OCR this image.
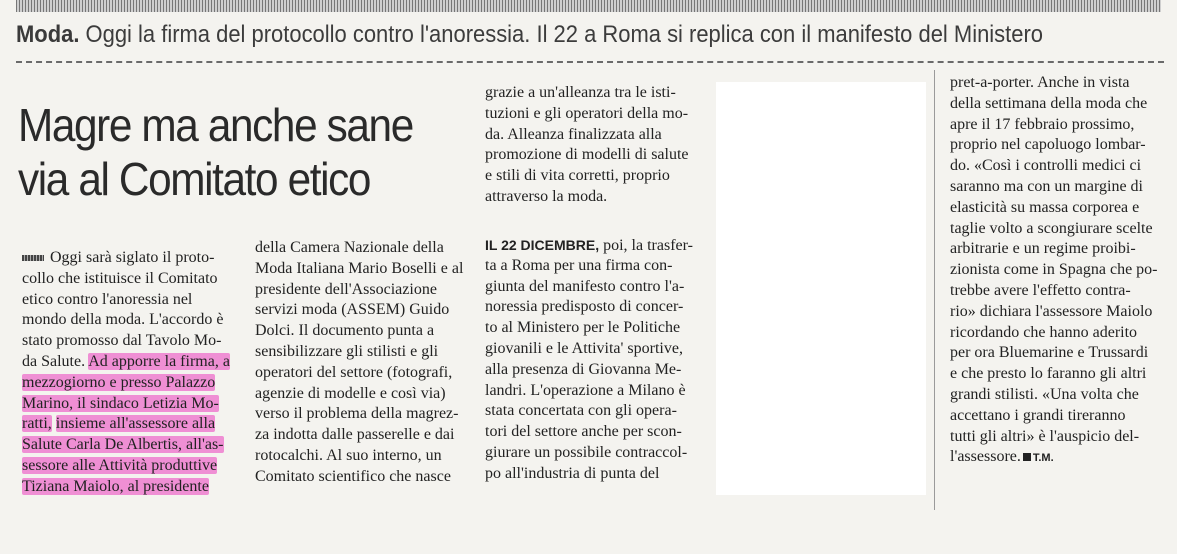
Moda. Oggi la firma del protocollo contro l'anoressia. Il 22 a Roma si replica con il manifesto del Ministero
Magre ma anche sane
via al Comitato etico
Oggi sarà siglato il proto-
collo che istituisce il Comitato
etico contro l'anoressia nel
mondo della moda. L'accordo è
stato promosso dal Tavolo Mo-
da Salute. Ad apporre la firma, a
mezzogiorno e presso Palazzo
Marino, il sindaco Letizia Mo-
ratti, insieme all'assessore alla
Salute Carla De Albertis, all'as-
sessore alle Attività produttive
Tiziana Maiolo, al presidente
della Camera Nazionale della
Moda Italiana Mario Boselli e al
presidente dell'Associazione
servizi moda (ASSEM) Guido
Dolci. Il documento punta a
sensibilizzare gli stilisti e gli
operatori del settore (fotografi,
agenzie di modelle e così via)
verso il problema della magrez-
za indotta dalle passerelle e dai
rotocalchi. Al suo interno, un
Comitato scientifico che nasce
grazie a un'alleanza tra le isti-
tuzioni e gli operatori della mo-
da. Alleanza finalizzata alla
promozione di modelli di salute
e stili di vita corretti, proprio
attraverso la moda.
IL 22 DICEMBRE, poi, la trasfer-
ta a Roma per una firma con-
giunta del manifesto contro l'a-
noressia predisposto di concer-
to al Ministero per le Politiche
giovanili e le Attivita' sportive,
alla presenza di Giovanna Me-
landri. L'operazione a Milano è
stata concertata con gli opera-
tori del settore anche per scon-
giurare un possibile contraccol-
po all'industria di punta del
pret-a-porter. Anche in vista
della settimana della moda che
apre il 17 febbraio prossimo,
proprio nel capoluogo lombar-
do. «Così i controlli medici ci
saranno ma con un margine di
elasticità su massa corporea e
taglie volto a scongiurare scelte
arbitrarie e un regime proibi-
zionista come in Spagna che po-
trebbe avere l'effetto contra-
rio» dichiara l'assessore Maiolo
ricordando che hanno aderito
per ora Bluemarine e Trussardi
e che presto lo faranno gli altri
grandi stilisti. «Una volta che
accettano i grandi tireranno
tutti gli altri» è l'auspicio del-
l'assessore. T.M.
